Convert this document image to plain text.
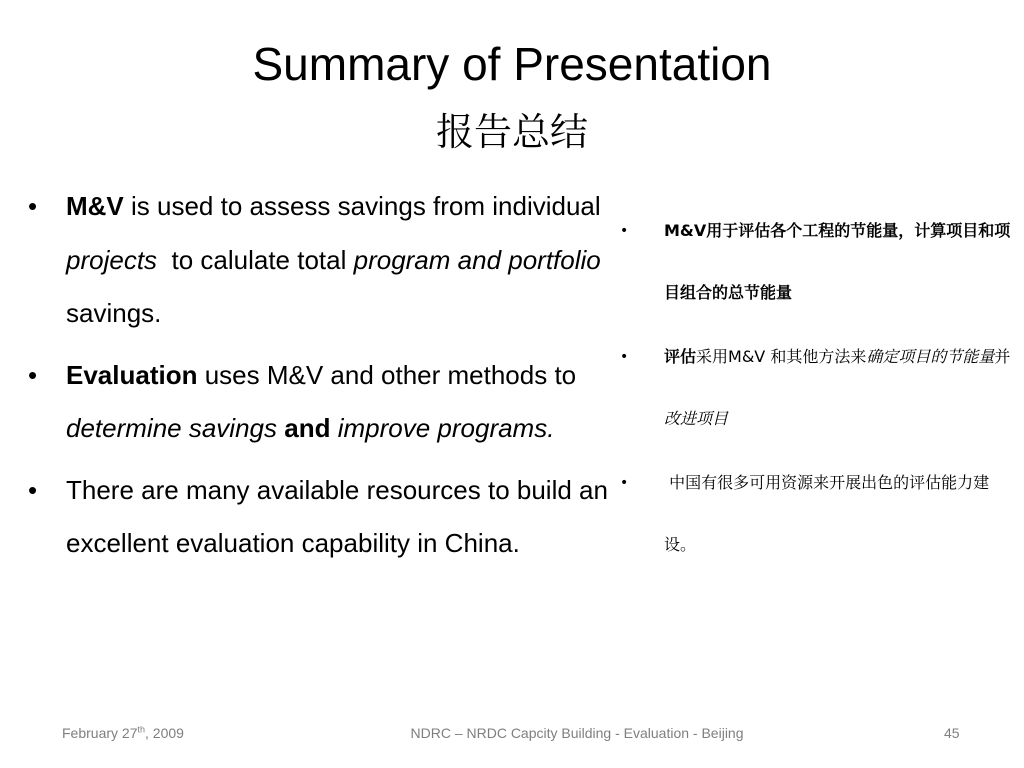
Summary of Presentation
报告总结
• M&V is used to assess savings from individual projects  to calulate total program and portfolio savings.
• Evaluation uses M&V and other methods to determine savings and improve programs.
• There are many available resources to build an excellent evaluation capability in China.
• M&V用于评估各个工程的节能量，计算项目和项目组合的总节能量
• 评估采用M&V 和其他方法来确定项目的节能量并改进项目
• 中国有很多可用资源来开展出色的评估能力建设。
February 27th, 2009	NDRC – NRDC Capcity Building - Evaluation - Beijing	45
